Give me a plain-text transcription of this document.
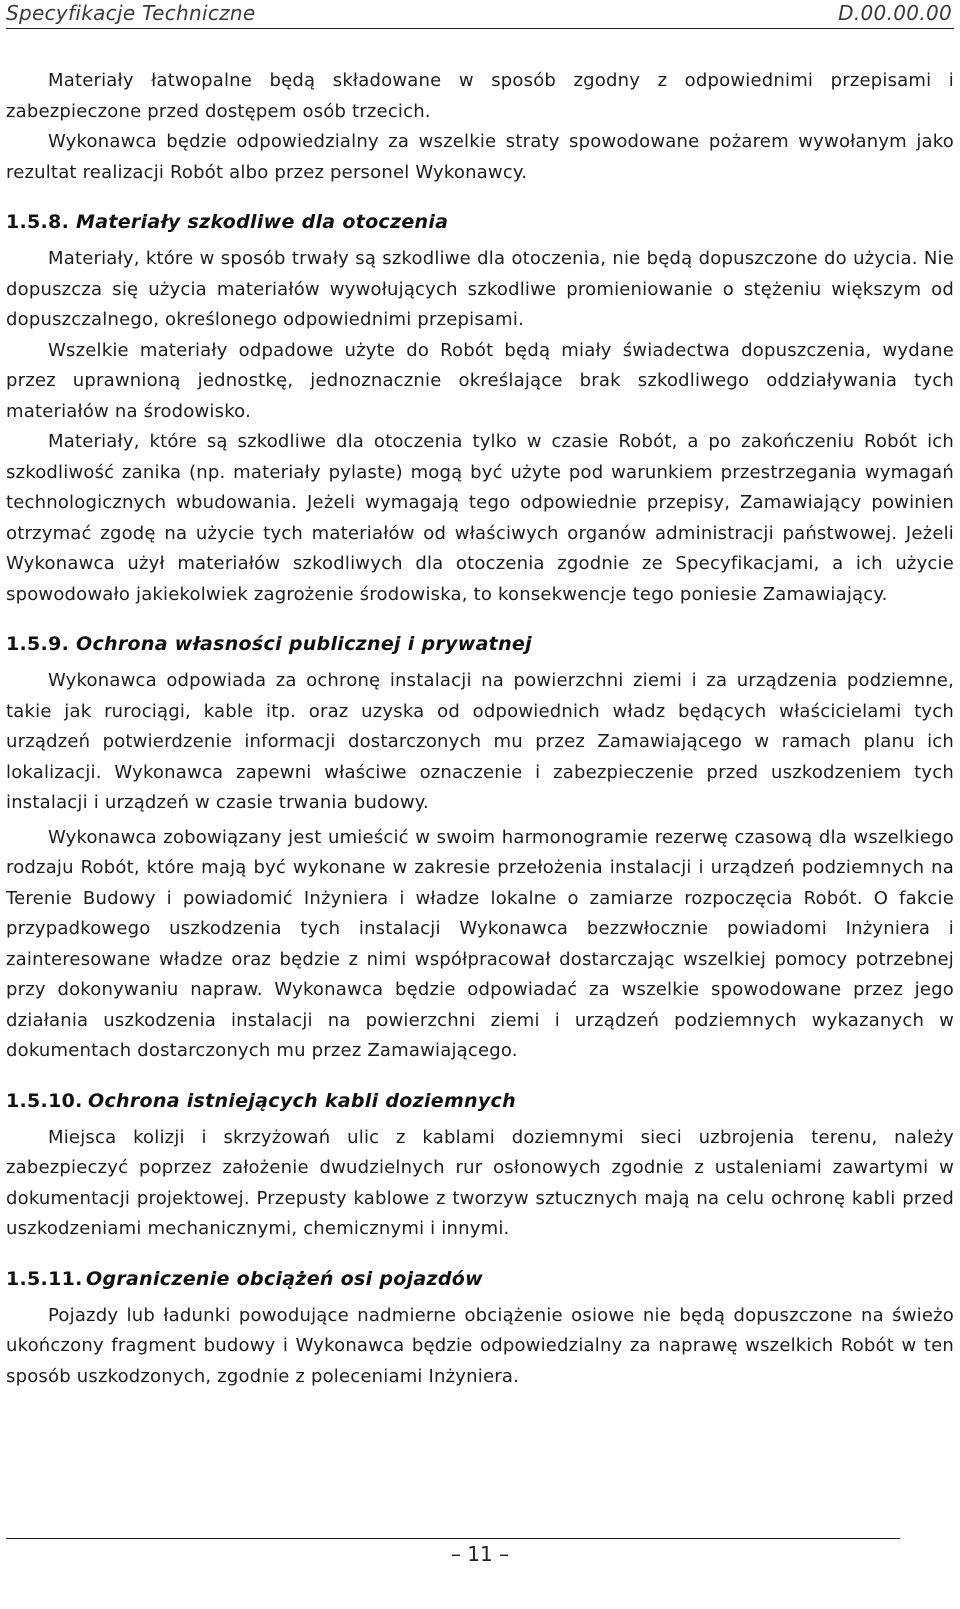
Specyfikacje Techniczne	D.00.00.00

Materiały łatwopalne będą składowane w sposób zgodny z odpowiednimi przepisami i zabezpieczone przed dostępem osób trzecich.

Wykonawca będzie odpowiedzialny za wszelkie straty spowodowane pożarem wywołanym jako rezultat realizacji Robót albo przez personel Wykonawcy.

1.5.8. Materiały szkodliwe dla otoczenia

Materiały, które w sposób trwały są szkodliwe dla otoczenia, nie będą dopuszczone do użycia. Nie dopuszcza się użycia materiałów wywołujących szkodliwe promieniowanie o stężeniu większym od dopuszczalnego, określonego odpowiednimi przepisami.

Wszelkie materiały odpadowe użyte do Robót będą miały świadectwa dopuszczenia, wydane przez uprawnioną jednostkę, jednoznacznie określające brak szkodliwego oddziaływania tych materiałów na środowisko.

Materiały, które są szkodliwe dla otoczenia tylko w czasie Robót, a po zakończeniu Robót ich szkodliwość zanika (np. materiały pylaste) mogą być użyte pod warunkiem przestrzegania wymagań technologicznych wbudowania. Jeżeli wymagają tego odpowiednie przepisy, Zamawiający powinien otrzymać zgodę na użycie tych materiałów od właściwych organów administracji państwowej. Jeżeli Wykonawca użył materiałów szkodliwych dla otoczenia zgodnie ze Specyfikacjami, a ich użycie spowodowało jakiekolwiek zagrożenie środowiska, to konsekwencje tego poniesie Zamawiający.

1.5.9. Ochrona własności publicznej i prywatnej

Wykonawca odpowiada za ochronę instalacji na powierzchni ziemi i za urządzenia podziemne, takie jak rurociągi, kable itp. oraz uzyska od odpowiednich władz będących właścicielami tych urządzeń potwierdzenie informacji dostarczonych mu przez Zamawiającego w ramach planu ich lokalizacji. Wykonawca zapewni właściwe oznaczenie i zabezpieczenie przed uszkodzeniem tych instalacji i urządzeń w czasie trwania budowy.

Wykonawca zobowiązany jest umieścić w swoim harmonogramie rezerwę czasową dla wszelkiego rodzaju Robót, które mają być wykonane w zakresie przełożenia instalacji i urządzeń podziemnych na Terenie Budowy i powiadomić Inżyniera i władze lokalne o zamiarze rozpoczęcia Robót. O fakcie przypadkowego uszkodzenia tych instalacji Wykonawca bezzwłocznie powiadomi Inżyniera i zainteresowane władze oraz będzie z nimi współpracował dostarczając wszelkiej pomocy potrzebnej przy dokonywaniu napraw. Wykonawca będzie odpowiadać za wszelkie spowodowane przez jego działania uszkodzenia instalacji na powierzchni ziemi i urządzeń podziemnych wykazanych w dokumentach dostarczonych mu przez Zamawiającego.

1.5.10. Ochrona istniejących kabli doziemnych

Miejsca kolizji i skrzyżowań ulic z kablami doziemnymi sieci uzbrojenia terenu, należy zabezpieczyć poprzez założenie dwudzielnych rur osłonowych zgodnie z ustaleniami zawartymi w dokumentacji projektowej. Przepusty kablowe z tworzyw sztucznych mają na celu ochronę kabli przed uszkodzeniami mechanicznymi, chemicznymi i innymi.

1.5.11. Ograniczenie obciążeń osi pojazdów

Pojazdy lub ładunki powodujące nadmierne obciążenie osiowe nie będą dopuszczone na świeżo ukończony fragment budowy i Wykonawca będzie odpowiedzialny za naprawę wszelkich Robót w ten sposób uszkodzonych, zgodnie z poleceniami Inżyniera.

– 11 –
